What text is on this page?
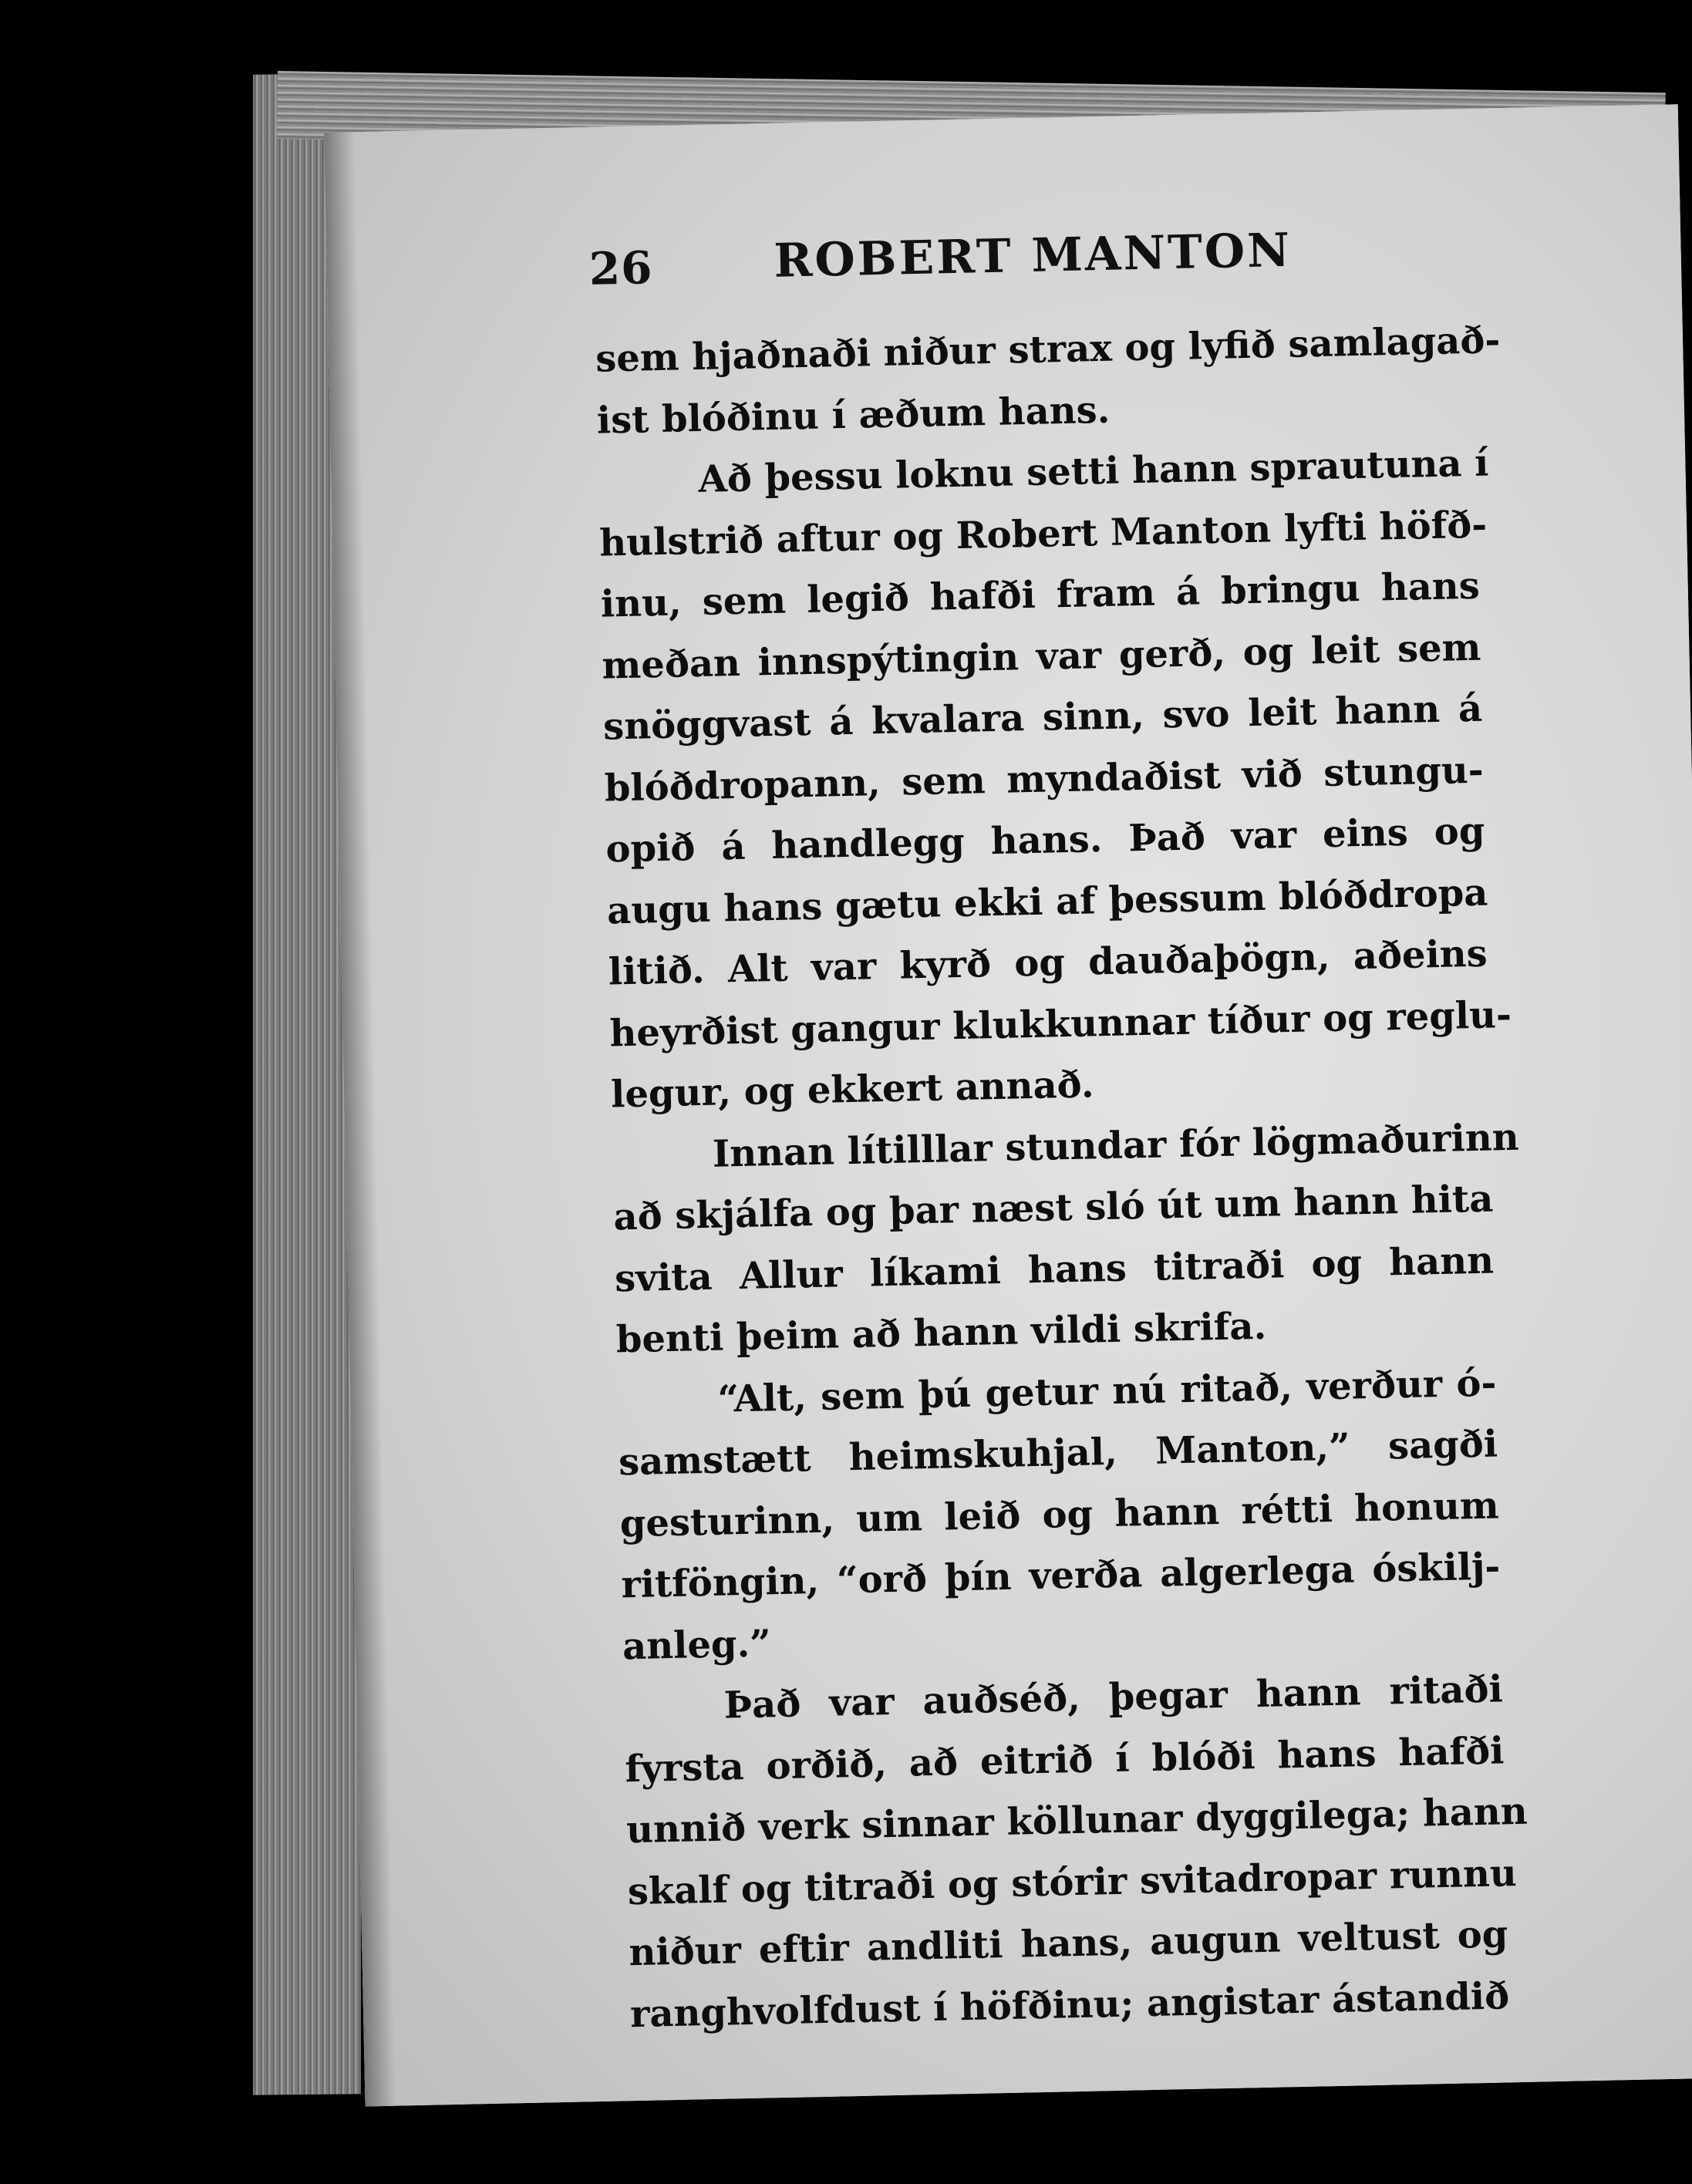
26	ROBERT MANTON
sem hjaðnaði niður strax og lyfið samlagað-
ist blóðinu í æðum hans.
Að þessu loknu setti hann sprautuna í
hulstrið aftur og Robert Manton lyfti höfð-
inu, sem legið hafði fram á bringu hans
meðan innspýtingin var gerð, og leit sem
snöggvast á kvalara sinn, svo leit hann á
blóðdropann, sem myndaðist við stungu-
opið á handlegg hans. Það var eins og
augu hans gætu ekki af þessum blóðdropa
litið. Alt var kyrð og dauðaþögn, aðeins
heyrðist gangur klukkunnar tíður og reglu-
legur, og ekkert annað.
Innan lítilllar stundar fór lögmaðurinn
að skjálfa og þar næst sló út um hann hita
svita Allur líkami hans titraði og hann
benti þeim að hann vildi skrifa.
“Alt, sem þú getur nú ritað, verður ó-
samstætt heimskuhjal, Manton,” sagði
gesturinn, um leið og hann rétti honum
ritföngin, “orð þín verða algerlega óskilj-
anleg.”
Það var auðséð, þegar hann ritaði
fyrsta orðið, að eitrið í blóði hans hafði
unnið verk sinnar köllunar dyggilega; hann
skalf og titraði og stórir svitadropar runnu
niður eftir andliti hans, augun veltust og
ranghvolfdust í höfðinu; angistar ástandið
